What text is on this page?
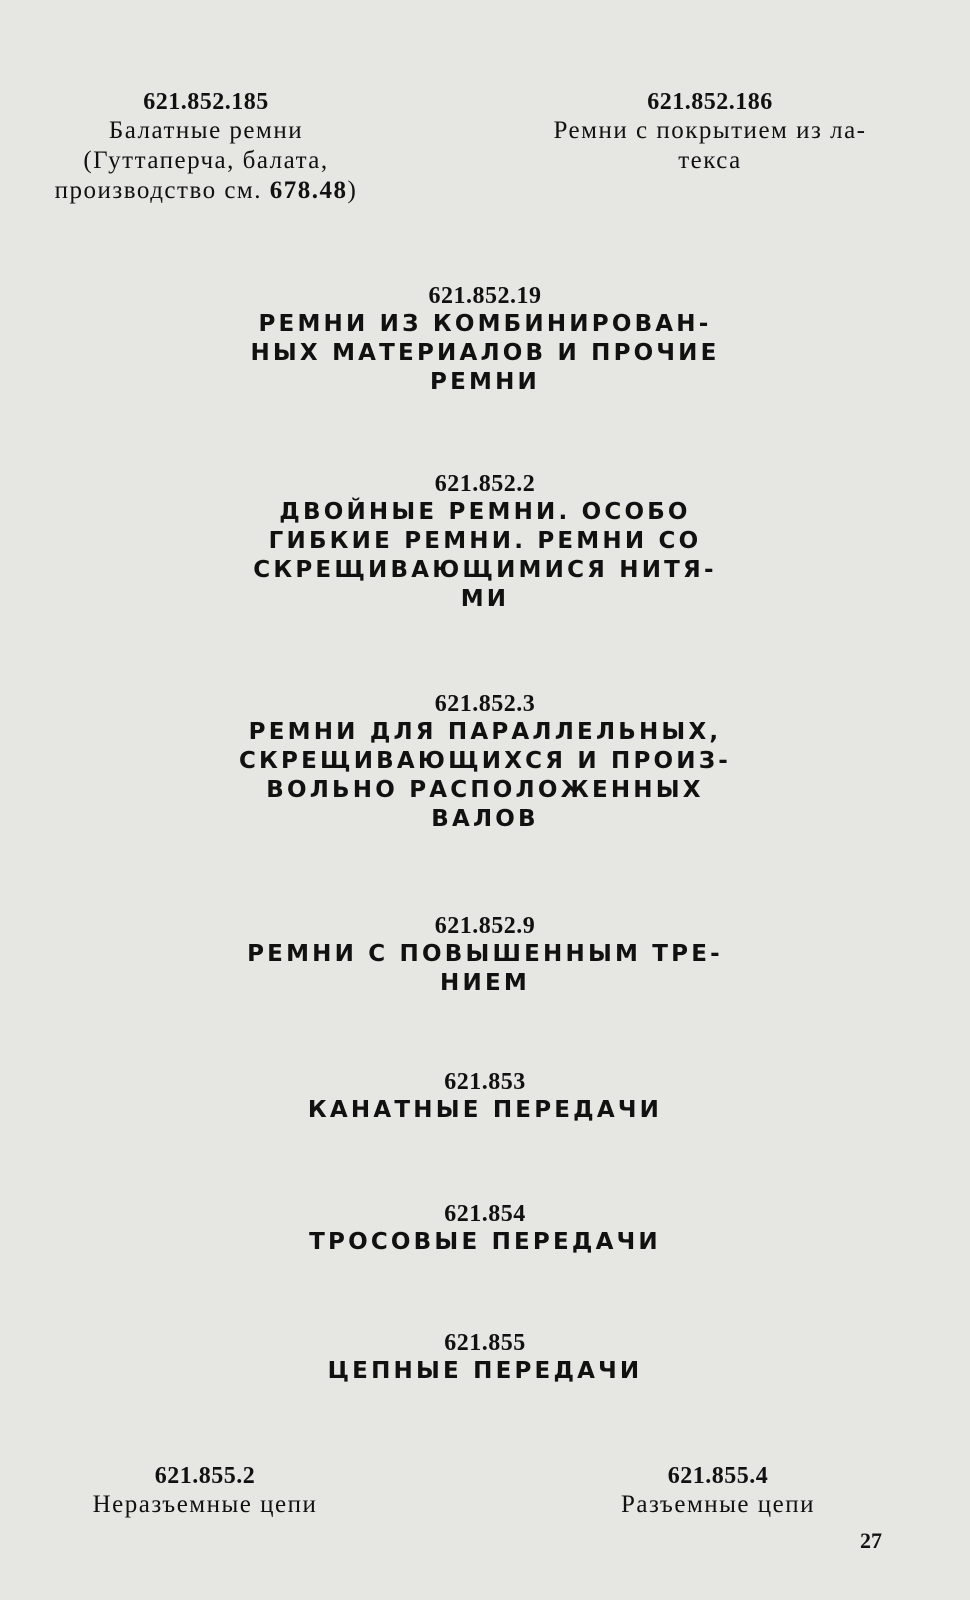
621.852.185
Балатные ремни
(Гуттаперча, балата,
производство см. 678.48)
621.852.186
Ремни с покрытием из ла-
текса
621.852.19
РЕМНИ ИЗ КОМБИНИРОВАН-
НЫХ МАТЕРИАЛОВ И ПРОЧИЕ
РЕМНИ
621.852.2
ДВОЙНЫЕ РЕМНИ. ОСОБО
ГИБКИЕ РЕМНИ. РЕМНИ СО
СКРЕЩИВАЮЩИМИСЯ НИТЯ-
МИ
621.852.3
РЕМНИ ДЛЯ ПАРАЛЛЕЛЬНЫХ,
СКРЕЩИВАЮЩИХСЯ И ПРОИЗ-
ВОЛЬНО РАСПОЛОЖЕННЫХ
ВАЛОВ
621.852.9
РЕМНИ С ПОВЫШЕННЫМ ТРЕ-
НИЕМ
621.853
КАНАТНЫЕ ПЕРЕДАЧИ
621.854
ТРОСОВЫЕ ПЕРЕДАЧИ
621.855
ЦЕПНЫЕ ПЕРЕДАЧИ
621.855.2
Неразъемные цепи
621.855.4
Разъемные цепи
27
